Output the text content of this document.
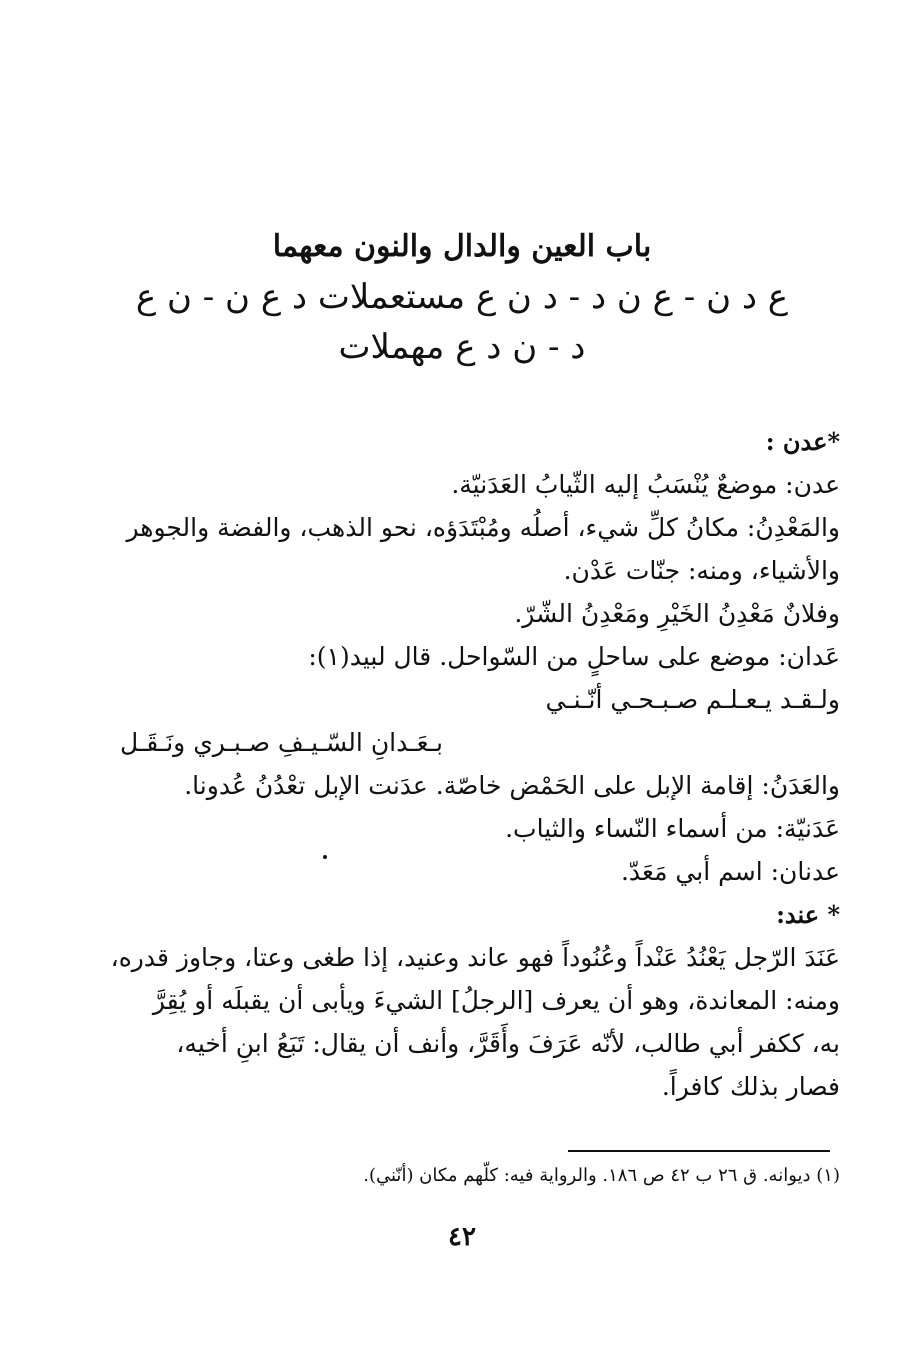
باب العين والدال والنون معهما
ع د ن - ع ن د - د ن ع مستعملات د ع ن - ن ع
د - ن د ع مهملات
*عدن :
عدن: موضعٌ يُنْسَبُ إليه الثّيابُ العَدَنيّة.
والمَعْدِنُ: مكانُ كلِّ شيء، أصلُه ومُبْتَدَؤه، نحو الذهب، والفضة والجوهر
والأشياء، ومنه: جنّات عَدْن.
وفلانٌ مَعْدِنُ الخَيْرِ ومَعْدِنُ الشّرّ.
عَدان: موضع على ساحلٍ من السّواحل. قال لبيد(١):
ولـقـد يـعـلـم صـبـحـي أنّـنـي
بـعَـدانِ السّـيـفِ صـبـري ونَـقَـل
والعَدَنُ: إقامة الإبل على الحَمْض خاصّة. عدَنت الإبل تعْدُنُ عُدونا.
عَدَنيّة: من أسماء النّساء والثياب.
عدنان: اسم أبي مَعَدّ.
* عند:
عَنَدَ الرّجل يَعْنُدُ عَنْداً وعُنُوداً فهو عاند وعنيد، إذا طغى وعتا، وجاوز قدره،
ومنه: المعاندة، وهو أن يعرف [الرجلُ] الشيءَ ويأبى أن يقبلَه أو يُقِرَّ
به، ككفر أبي طالب، لأنّه عَرَفَ وأَقَرَّ، وأنف أن يقال: تَبَعُ ابنِ أخيه،
فصار بذلك كافراً.
(١) ديوانه. ق ٢٦ ب ٤٢ ص ١٨٦. والرواية فيه: كلّهم مكان (أنّني).
٤٢
